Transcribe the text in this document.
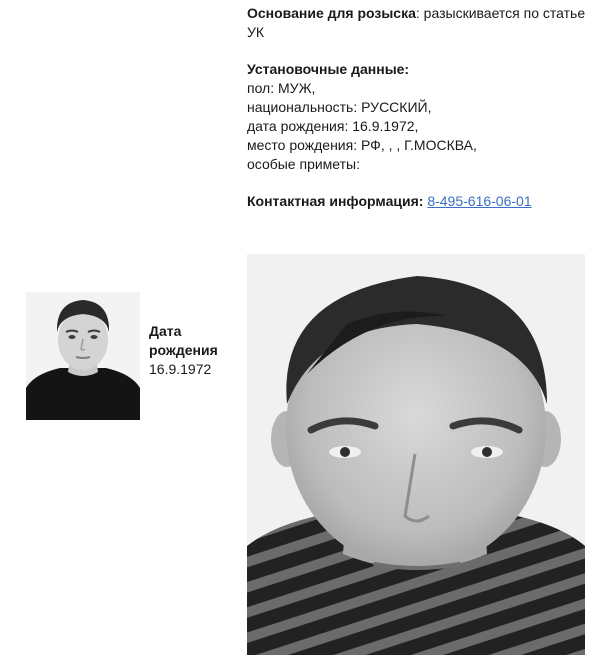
Основание для розыска: разыскивается по статье УК

Установочные данные:

пол: МУЖ,

национальность: РУССКИЙ,

дата рождения: 16.9.1972,

место рождения: РФ, , , Г.МОСКВА,

особые приметы:

Контактная информация: 8-495-616-06-01

Дата рождения
16.9.1972
